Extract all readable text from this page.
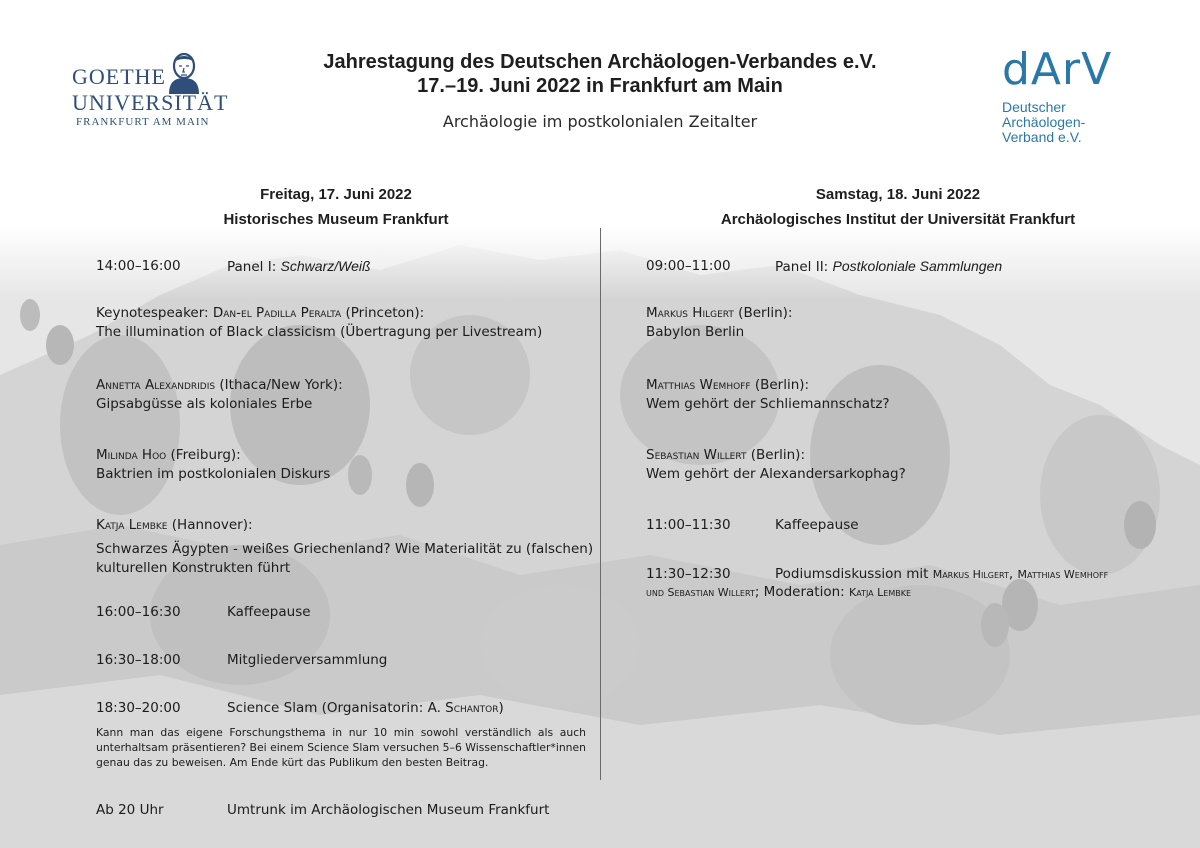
GOETHE
UNIVERSITÄT
FRANKFURT AM MAIN
Jahrestagung des Deutschen Archäologen-Verbandes e.V.
17.–19. Juni 2022 in Frankfurt am Main
Archäologie im postkolonialen Zeitalter
dArV
Deutscher
Archäologen-
Verband e.V.
Freitag, 17. Juni 2022
Historisches Museum Frankfurt
Samstag, 18. Juni 2022
Archäologisches Institut der Universität Frankfurt
14:00–16:00	Panel I: Schwarz/Weiß
Keynotespeaker: Dan-el Padilla Peralta (Princeton):
The illumination of Black classicism (Übertragung per Livestream)
Annetta Alexandridis (Ithaca/New York):
Gipsabgüsse als koloniales Erbe
Milinda Hoo (Freiburg):
Baktrien im postkolonialen Diskurs
Katja Lembke (Hannover):
Schwarzes Ägypten - weißes Griechenland? Wie Materialität zu (falschen)
kulturellen Konstrukten führt
16:00–16:30	Kaffeepause
16:30–18:00	Mitgliederversammlung
18:30–20:00	Science Slam (Organisatorin: A. Schantor)
Kann man das eigene Forschungsthema in nur 10 min sowohl verständlich als auch unterhaltsam präsentieren? Bei einem Science Slam versuchen 5–6 Wissenschaftler*innen genau das zu beweisen. Am Ende kürt das Publikum den besten Beitrag.
Ab 20 Uhr	Umtrunk im Archäologischen Museum Frankfurt
09:00–11:00	Panel II: Postkoloniale Sammlungen
Markus Hilgert (Berlin):
Babylon Berlin
Matthias Wemhoff (Berlin):
Wem gehört der Schliemannschatz?
Sebastian Willert (Berlin):
Wem gehört der Alexandersarkophag?
11:00–11:30	Kaffeepause
11:30–12:30	Podiumsdiskussion mit Markus Hilgert, Matthias Wemhoff
und Sebastian Willert; Moderation: Katja Lembke
